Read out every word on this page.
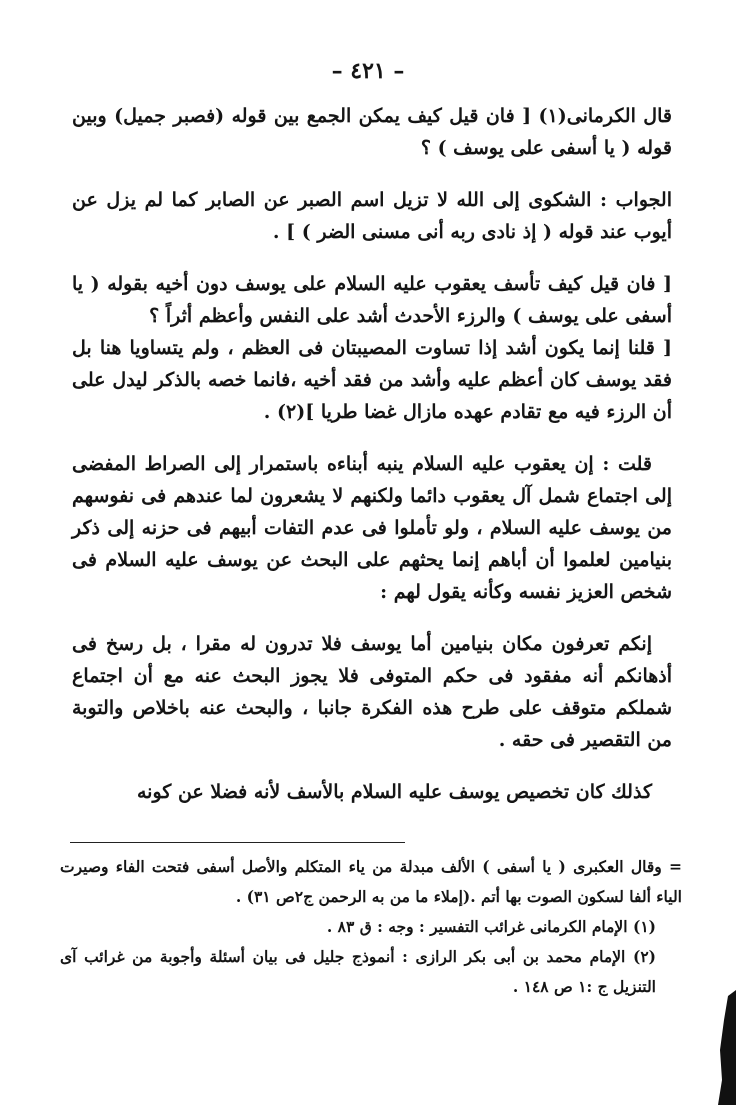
– ٤٢١ –

قال الكرمانى(١) [ فان قيل كيف يمكن الجمع بين قوله (فصبر جميل) وبين قوله ( يا أسفى على يوسف ) ؟

الجواب : الشكوى إلى الله لا تزيل اسم الصبر عن الصابر كما لم يزل عن أيوب عند قوله ( إذ نادى ربه أنى مسنى الضر ) ] .

[ فان قيل كيف تأسف يعقوب عليه السلام على يوسف دون أخيه بقوله ( يا أسفى على يوسف ) والرزء الأحدث أشد على النفس وأعظم أثراً ؟

[ قلنا إنما يكون أشد إذا تساوت المصيبتان فى العظم ، ولم يتساويا هنا بل فقد يوسف كان أعظم عليه وأشد من فقد أخيه ،فانما خصه بالذكر ليدل على أن الرزء فيه مع تقادم عهده مازال غضا طريا ](٢) .

قلت : إن يعقوب عليه السلام ينبه أبناءه باستمرار إلى الصراط المفضى إلى اجتماع شمل آل يعقوب دائما ولكنهم لا يشعرون لما عندهم فى نفوسهم من يوسف عليه السلام ، ولو تأملوا فى عدم التفات أبيهم فى حزنه إلى ذكر بنيامين لعلموا أن أباهم إنما يحثهم على البحث عن يوسف عليه السلام فى شخص العزيز نفسه وكأنه يقول لهم :

إنكم تعرفون مكان بنيامين أما يوسف فلا تدرون له مقرا ، بل رسخ فى أذهانكم أنه مفقود فى حكم المتوفى فلا يجوز البحث عنه مع أن اجتماع شملكم متوقف على طرح هذه الفكرة جانبا ، والبحث عنه باخلاص والتوبة من التقصير فى حقه .

كذلك كان تخصيص يوسف عليه السلام بالأسف لأنه فضلا عن كونه

= وقال العكبرى ( يا أسفى ) الألف مبدلة من ياء المتكلم والأصل أسفى فتحت الفاء وصيرت الياء ألفا لسكون الصوت بها أتم .(إملاء ما من به الرحمن ج٢ص ٣١) .

(١) الإمام الكرمانى غرائب التفسير : وجه : ق ٨٣ .

(٢) الإمام محمد بن أبى بكر الرازى : أنموذج جليل فى بيان أسئلة وأجوبة من غرائب آى التنزيل ج :١ ص ١٤٨ .
